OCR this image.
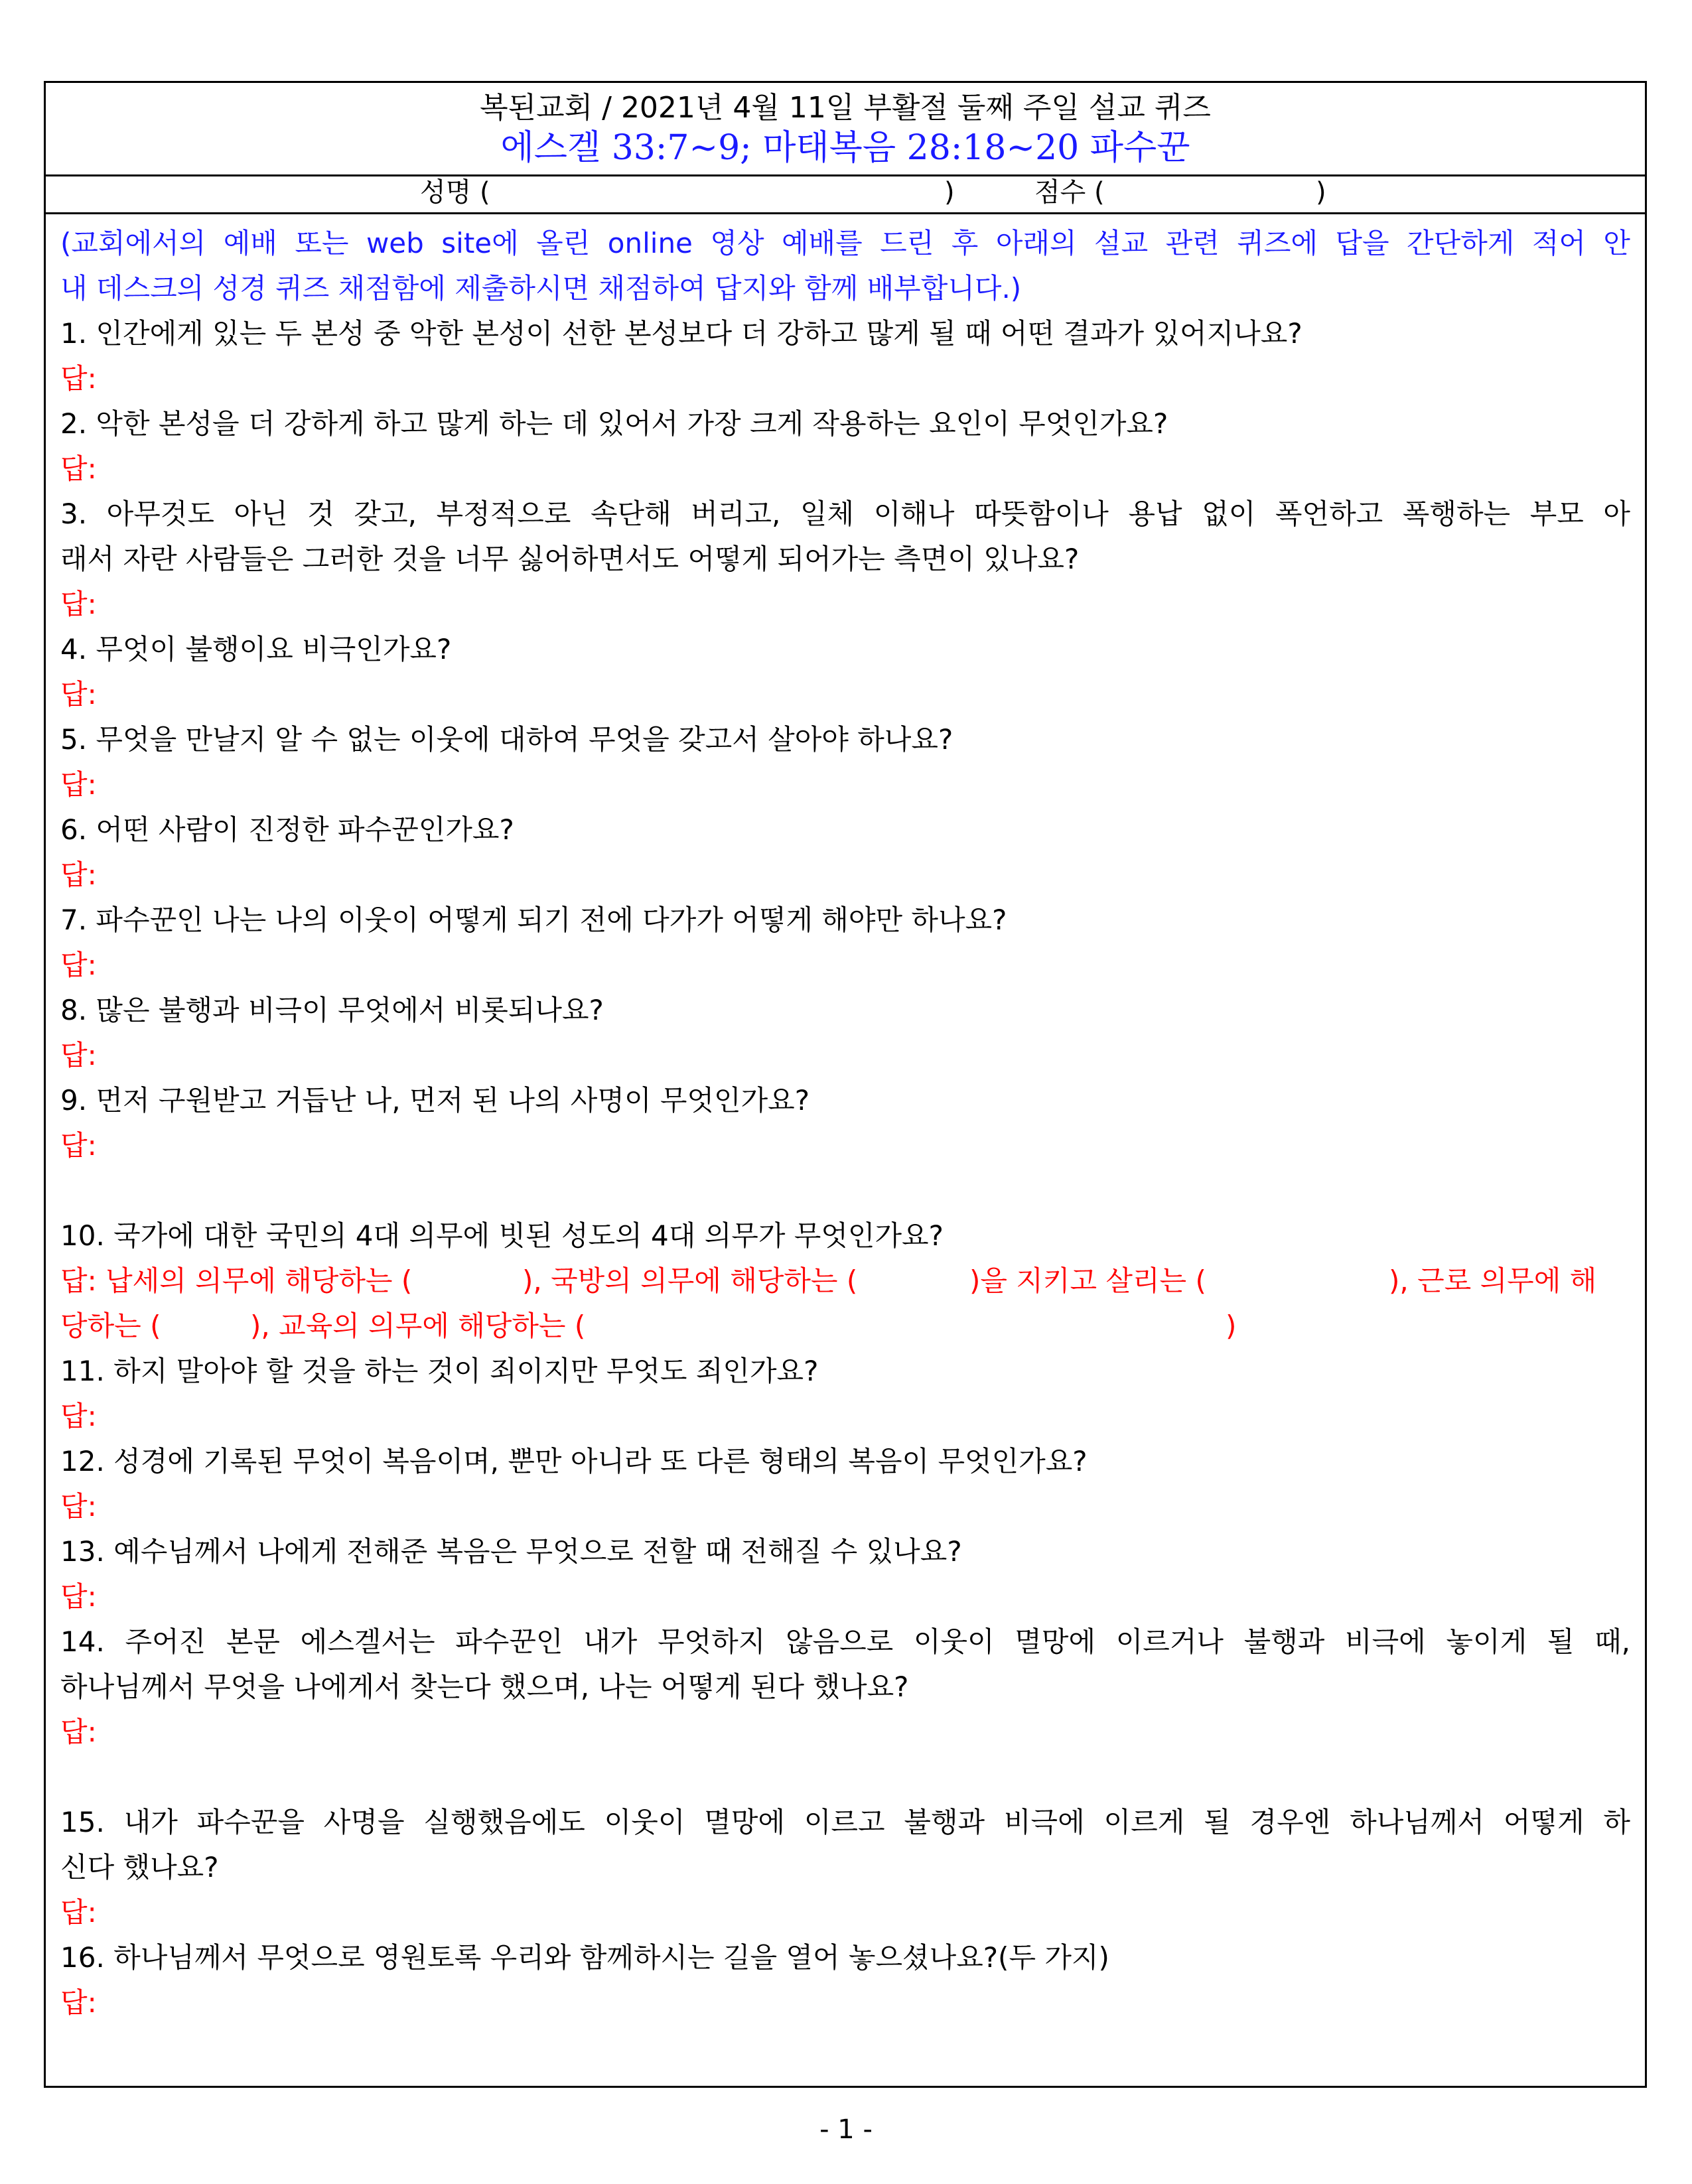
복된교회 / 2021년 4월 11일 부활절 둘째 주일 설교 퀴즈
에스겔 33:7~9; 마태복음 28:18~20 파수꾼
성명 (	)	점수 (	)
(교회에서의 예배 또는 web site에 올린 online 영상 예배를 드린 후 아래의 설교 관련 퀴즈에 답을 간단하게 적어 안
내 데스크의 성경 퀴즈 채점함에 제출하시면 채점하여 답지와 함께 배부합니다.)
1. 인간에게 있는 두 본성 중 악한 본성이 선한 본성보다 더 강하고 많게 될 때 어떤 결과가 있어지나요?
답:
2. 악한 본성을 더 강하게 하고 많게 하는 데 있어서 가장 크게 작용하는 요인이 무엇인가요?
답:
3. 아무것도 아닌 것 갖고, 부정적으로 속단해 버리고, 일체 이해나 따뜻함이나 용납 없이 폭언하고 폭행하는 부모 아
래서 자란 사람들은 그러한 것을 너무 싫어하면서도 어떻게 되어가는 측면이 있나요?
답:
4. 무엇이 불행이요 비극인가요?
답:
5. 무엇을 만날지 알 수 없는 이웃에 대하여 무엇을 갖고서 살아야 하나요?
답:
6. 어떤 사람이 진정한 파수꾼인가요?
답:
7. 파수꾼인 나는 나의 이웃이 어떻게 되기 전에 다가가 어떻게 해야만 하나요?
답:
8. 많은 불행과 비극이 무엇에서 비롯되나요?
답:
9. 먼저 구원받고 거듭난 나, 먼저 된 나의 사명이 무엇인가요?
답:
10. 국가에 대한 국민의 4대 의무에 빗된 성도의 4대 의무가 무엇인가요?
답: 납세의 의무에 해당하는 (	), 국방의 의무에 해당하는 (	)을 지키고 살리는 (	), 근로 의무에 해
당하는 (	), 교육의 의무에 해당하는 (	)
11. 하지 말아야 할 것을 하는 것이 죄이지만 무엇도 죄인가요?
답:
12. 성경에 기록된 무엇이 복음이며, 뿐만 아니라 또 다른 형태의 복음이 무엇인가요?
답:
13. 예수님께서 나에게 전해준 복음은 무엇으로 전할 때 전해질 수 있나요?
답:
14. 주어진 본문 에스겔서는 파수꾼인 내가 무엇하지 않음으로 이웃이 멸망에 이르거나 불행과 비극에 놓이게 될 때,
하나님께서 무엇을 나에게서 찾는다 했으며, 나는 어떻게 된다 했나요?
답:
15. 내가 파수꾼을 사명을 실행했음에도 이웃이 멸망에 이르고 불행과 비극에 이르게 될 경우엔 하나님께서 어떻게 하
신다 했나요?
답:
16. 하나님께서 무엇으로 영원토록 우리와 함께하시는 길을 열어 놓으셨나요?(두 가지)
답:
- 1 -
